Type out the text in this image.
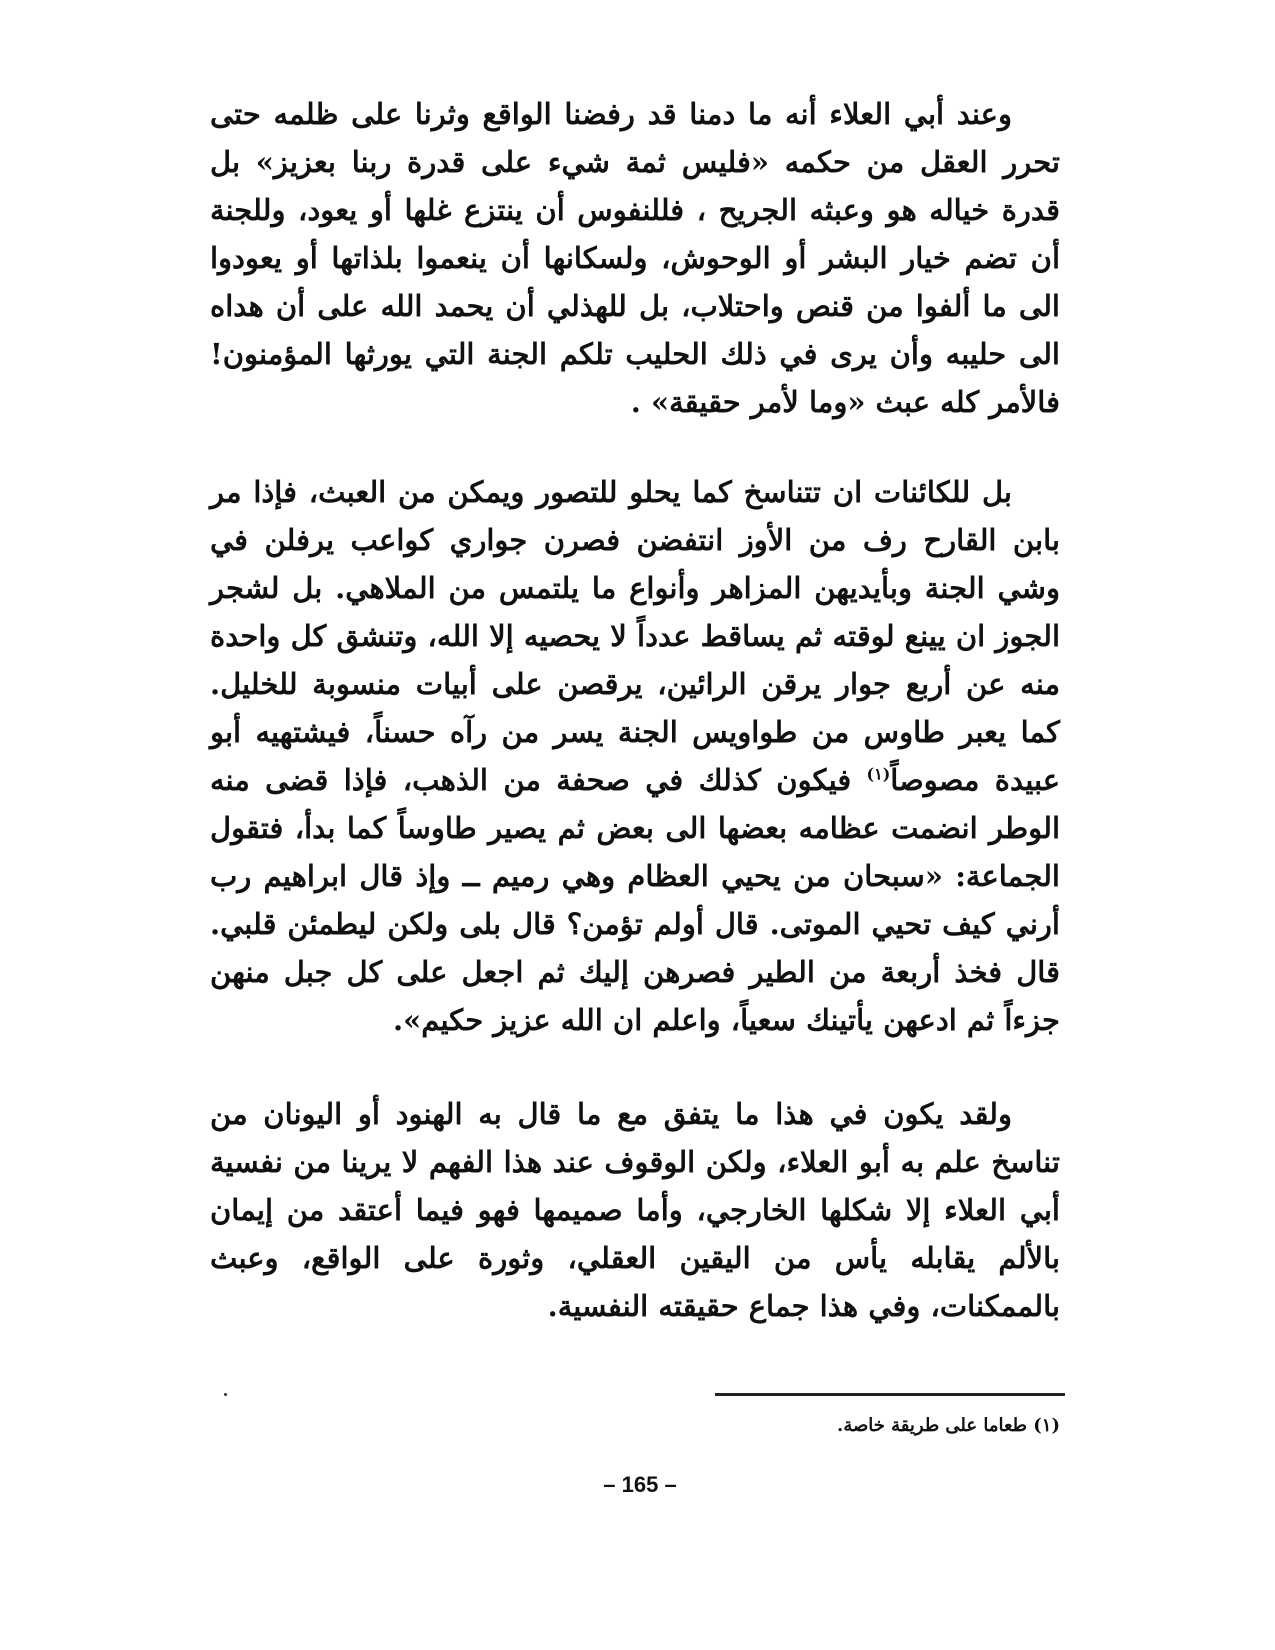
وعند أبي العلاء أنه ما دمنا قد رفضنا الواقع وثرنا على ظلمه حتى تحرر العقل من حكمه «فليس ثمة شيء على قدرة ربنا بعزيز» بل قدرة خياله هو وعبثه الجريح ، فللنفوس أن ينتزع غلها أو يعود، وللجنة أن تضم خيار البشر أو الوحوش، ولسكانها أن ينعموا بلذاتها أو يعودوا الى ما ألفوا من قنص واحتلاب، بل للهذلي أن يحمد الله على أن هداه الى حليبه وأن يرى في ذلك الحليب تلكم الجنة التي يورثها المؤمنون! فالأمر كله عبث «وما لأمر حقيقة» .

بل للكائنات ان تتناسخ كما يحلو للتصور ويمكن من العبث، فإذا مر بابن القارح رف من الأوز انتفضن فصرن جواري كواعب يرفلن في وشي الجنة وبأيديهن المزاهر وأنواع ما يلتمس من الملاهي. بل لشجر الجوز ان يينع لوقته ثم يساقط عدداً لا يحصيه إلا الله، وتنشق كل واحدة منه عن أربع جوار يرقن الرائين، يرقصن على أبيات منسوبة للخليل. كما يعبر طاوس من طواويس الجنة يسر من رآه حسناً، فيشتهيه أبو عبيدة مصوصاً$^{(١)}$ فيكون كذلك في صحفة من الذهب، فإذا قضى منه الوطر انضمت عظامه بعضها الى بعض ثم يصير طاوساً كما بدأ، فتقول الجماعة: «سبحان من يحيي العظام وهي رميم ــ وإذ قال ابراهيم رب أرني كيف تحيي الموتى. قال أولم تؤمن؟ قال بلى ولكن ليطمئن قلبي. قال فخذ أربعة من الطير فصرهن إليك ثم اجعل على كل جبل منهن جزءاً ثم ادعهن يأتينك سعياً، واعلم ان الله عزيز حكيم».

ولقد يكون في هذا ما يتفق مع ما قال به الهنود أو اليونان من تناسخ علم به أبو العلاء، ولكن الوقوف عند هذا الفهم لا يرينا من نفسية أبي العلاء إلا شكلها الخارجي، وأما صميمها فهو فيما أعتقد من إيمان بالألم يقابله يأس من اليقين العقلي، وثورة على الواقع، وعبث بالممكنات، وفي هذا جماع حقيقته النفسية.

(١) طعاما على طريقة خاصة.
– 165 –
